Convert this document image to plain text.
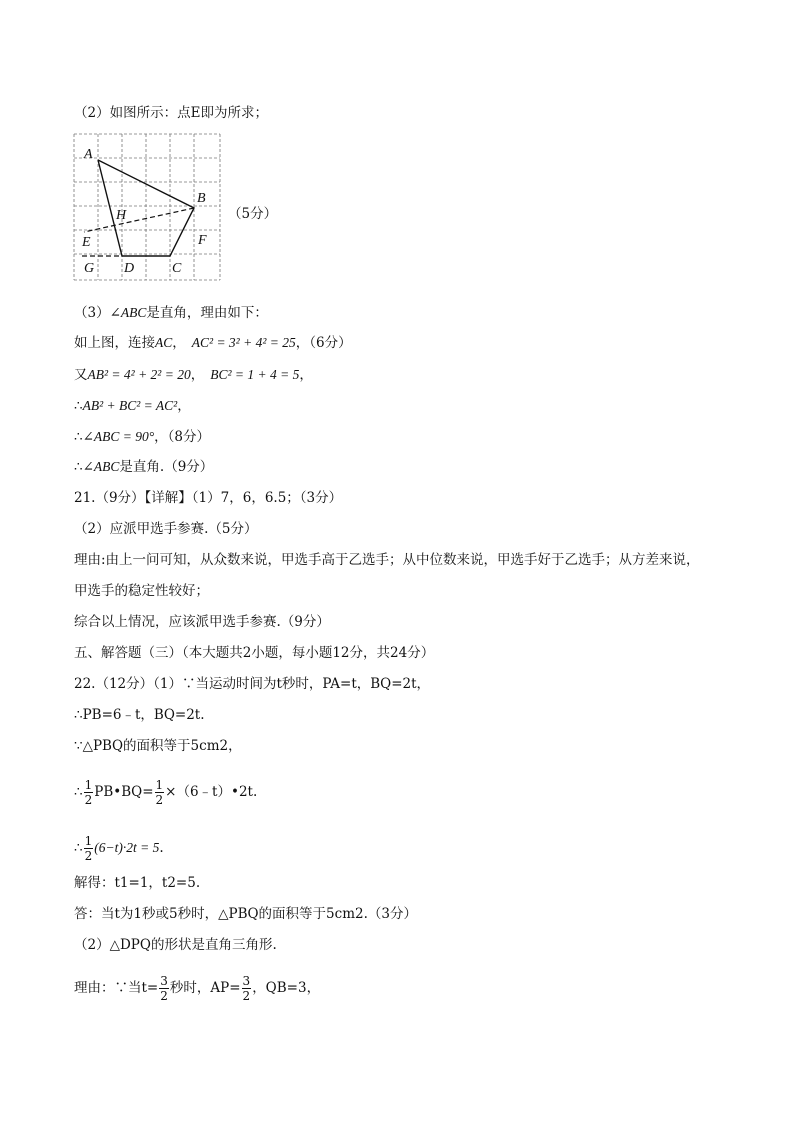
（2）如图所示：点E即为所求；
A
B
H
E	F
G D	C
（5分）
（3）∠ABC是直角，理由如下：
如上图，连接AC， AC² = 3² + 4² = 25，（6分）
又AB² = 4² + 2² = 20， BC² = 1 + 4 = 5，
∴AB² + BC² = AC²，
∴∠ABC = 90°，（8分）
∴∠ABC是直角.（9分）
21.（9分）【详解】（1）7，6，6.5；（3分）
（2）应派甲选手参赛.（5分）
理由:由上一问可知，从众数来说，甲选手高于乙选手；从中位数来说，甲选手好于乙选手；从方差来说，
甲选手的稳定性较好；
综合以上情况，应该派甲选手参赛.（9分）
五、解答题（三）（本大题共2小题，每小题12分，共24分）
22.（12分）（1）∵当运动时间为t秒时，PA=t，BQ=2t，
∴PB=6﹣t，BQ=2t.
∵△PBQ的面积等于5cm2，
∴ $\frac{1}{2}$ PB•BQ= $\frac{1}{2}$ ×（6﹣t）•2t.
∴ $\frac{1}{2} (6-t)\cdot 2t = 5$.
解得：t1=1，t2=5.
答：当t为1秒或5秒时，△PBQ的面积等于5cm2.（3分）
（2）△DPQ的形状是直角三角形.
理由：∵当$t= \frac{3}{2}$ 秒时，$AP= \frac{3}{2}$ ，QB=3，
